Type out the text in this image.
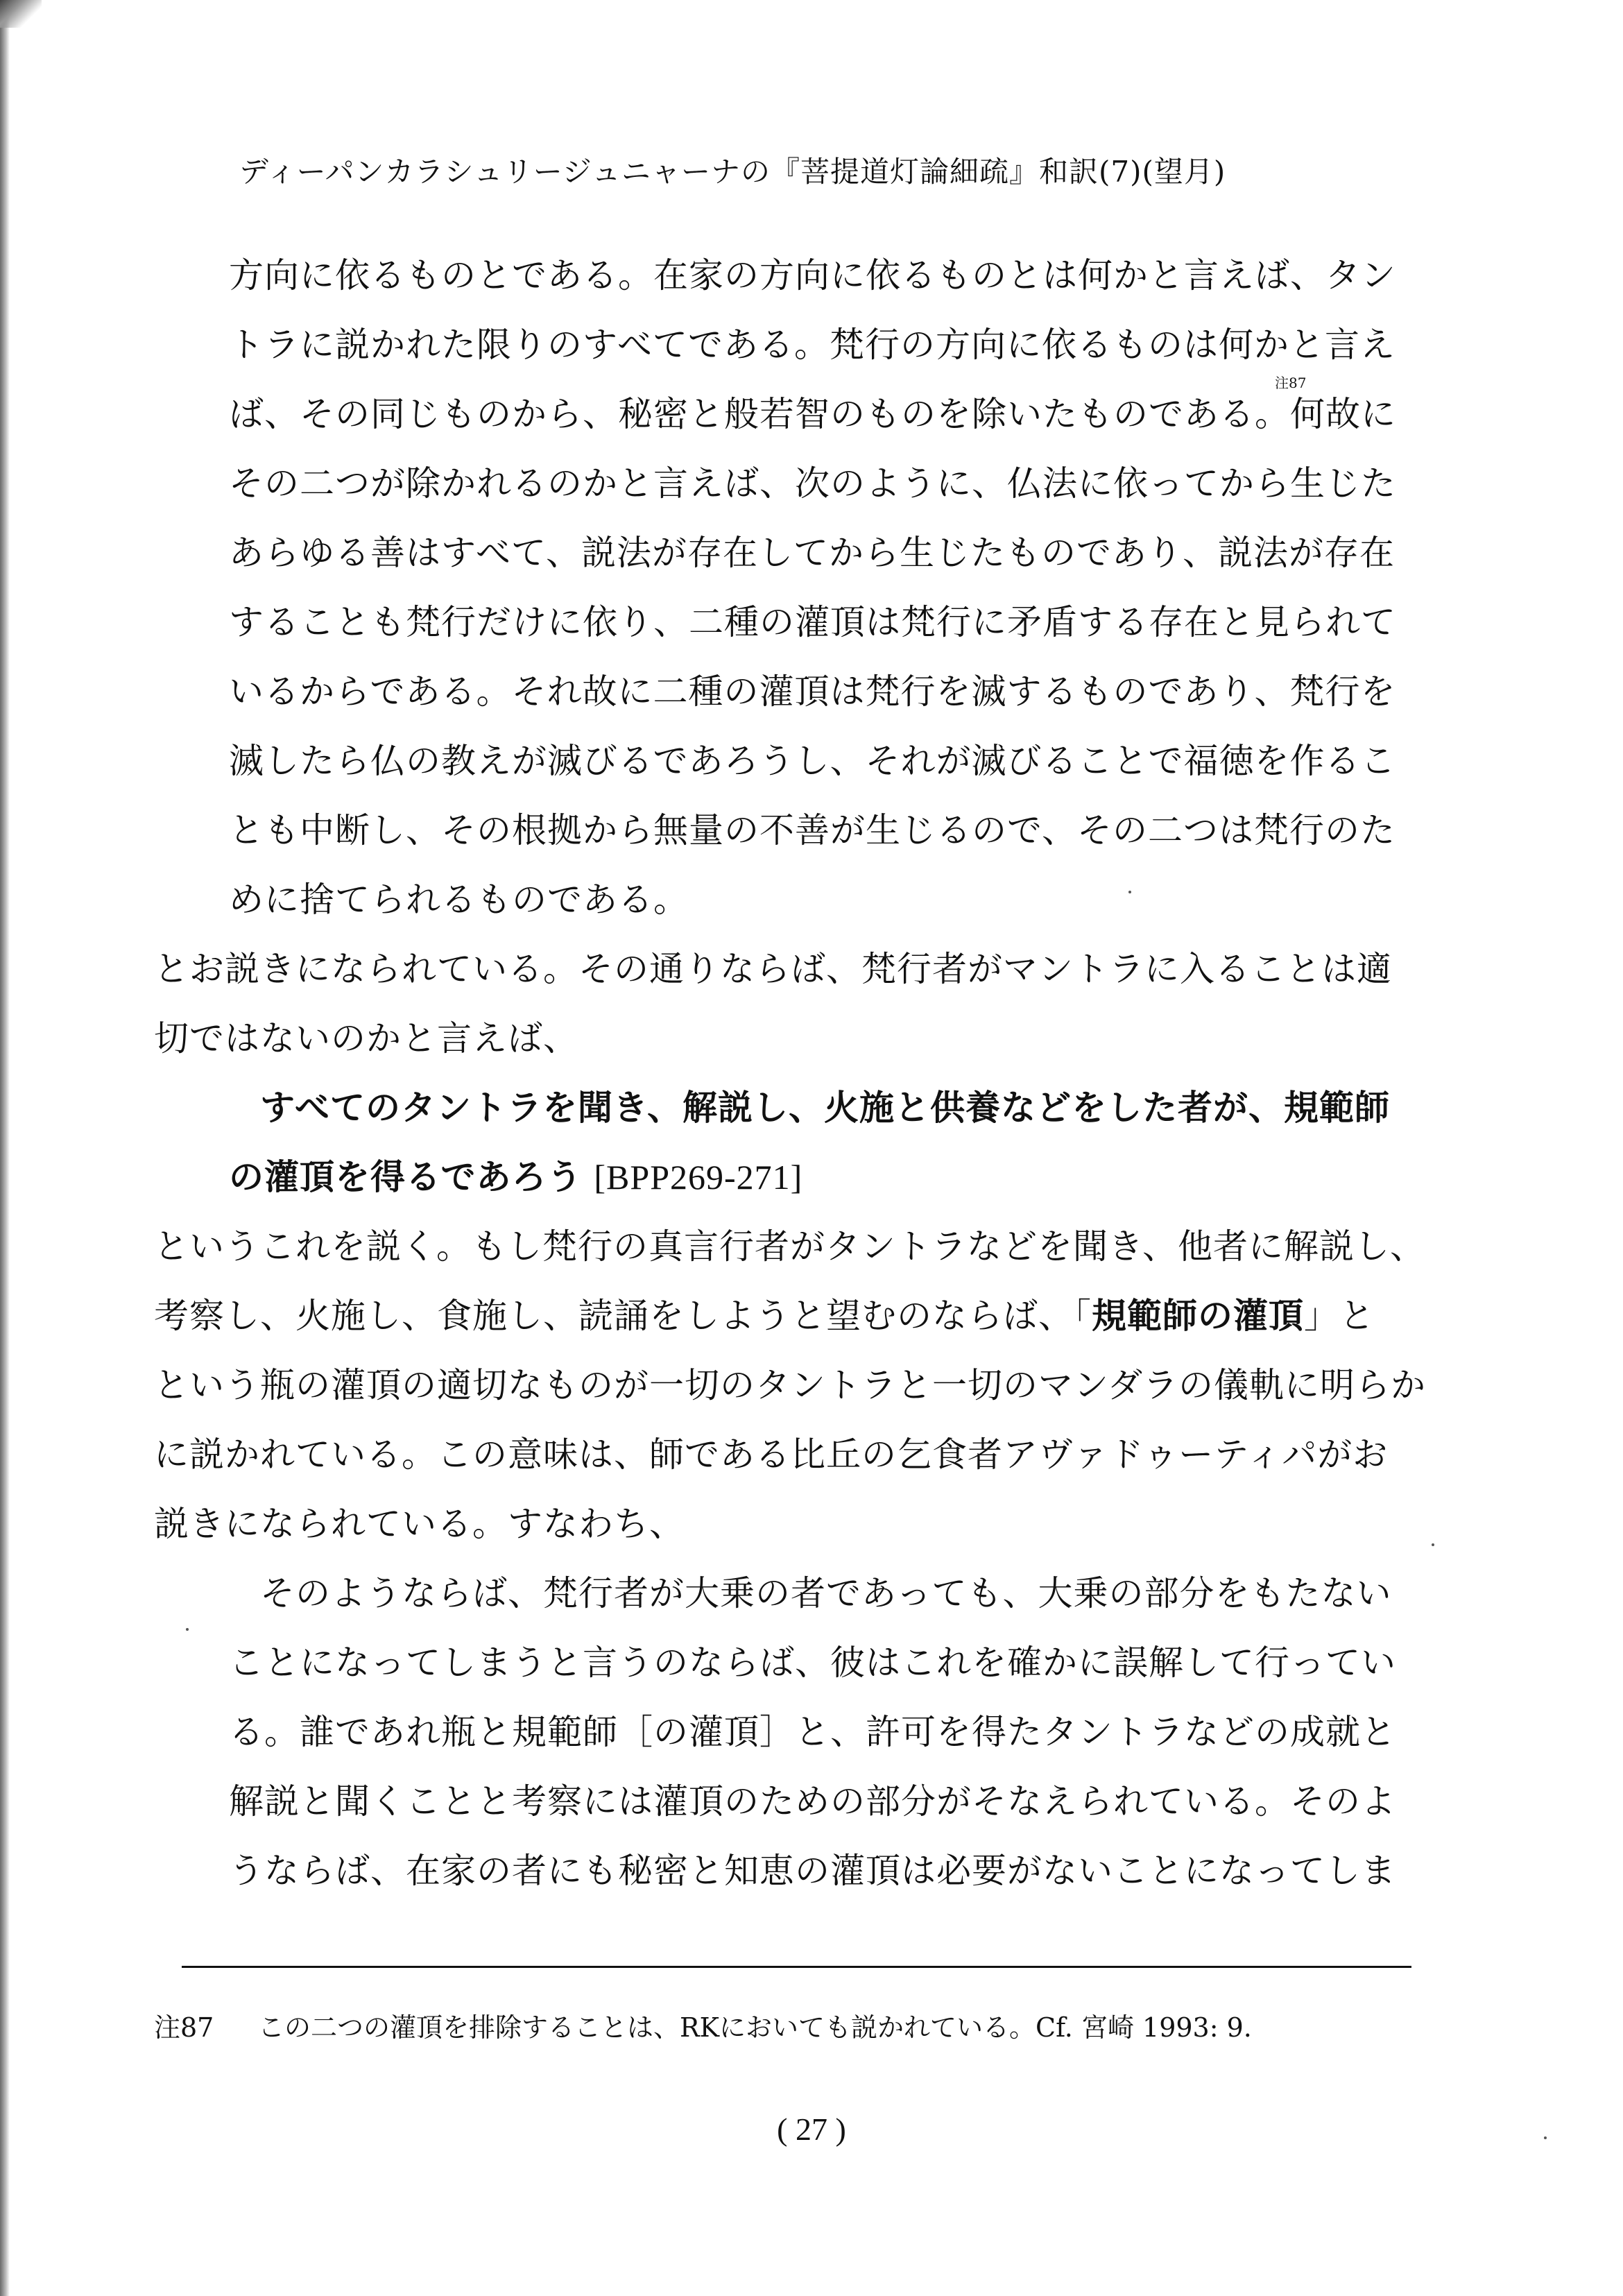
ディーパンカラシュリージュニャーナの『菩提道灯論細疏』和訳(7)(望月)
方向に依るものとである。在家の方向に依るものとは何かと言えば、タン
トラに説かれた限りのすべてである。梵行の方向に依るものは何かと言え
ば、その同じものから、秘密と般若智のものを除いたものである。何故に
注87
その二つが除かれるのかと言えば、次のように、仏法に依ってから生じた
あらゆる善はすべて、説法が存在してから生じたものであり、説法が存在
することも梵行だけに依り、二種の灌頂は梵行に矛盾する存在と見られて
いるからである。それ故に二種の灌頂は梵行を滅するものであり、梵行を
滅したら仏の教えが滅びるであろうし、それが滅びることで福徳を作るこ
とも中断し、その根拠から無量の不善が生じるので、その二つは梵行のた
めに捨てられるものである。
とお説きになられている。その通りならば、梵行者がマントラに入ることは適
切ではないのかと言えば、
すべてのタントラを聞き、解説し、火施と供養などをした者が、規範師
の灌頂を得るであろう [BPP269-271]
というこれを説く。もし梵行の真言行者がタントラなどを聞き、他者に解説し、
考察し、火施し、食施し、読誦をしようと望むのならば、「規範師の灌頂」と
という瓶の灌頂の適切なものが一切のタントラと一切のマンダラの儀軌に明らか
に説かれている。この意味は、師である比丘の乞食者アヴァドゥーティパがお
説きになられている。すなわち、
そのようならば、梵行者が大乗の者であっても、大乗の部分をもたない
ことになってしまうと言うのならば、彼はこれを確かに誤解して行ってい
る。誰であれ瓶と規範師［の灌頂］と、許可を得たタントラなどの成就と
解説と聞くことと考察には灌頂のための部分がそなえられている。そのよ
うならば、在家の者にも秘密と知恵の灌頂は必要がないことになってしま
注87 この二つの灌頂を排除することは、RKにおいても説かれている。Cf. 宮崎 1993: 9.
( 27 )
